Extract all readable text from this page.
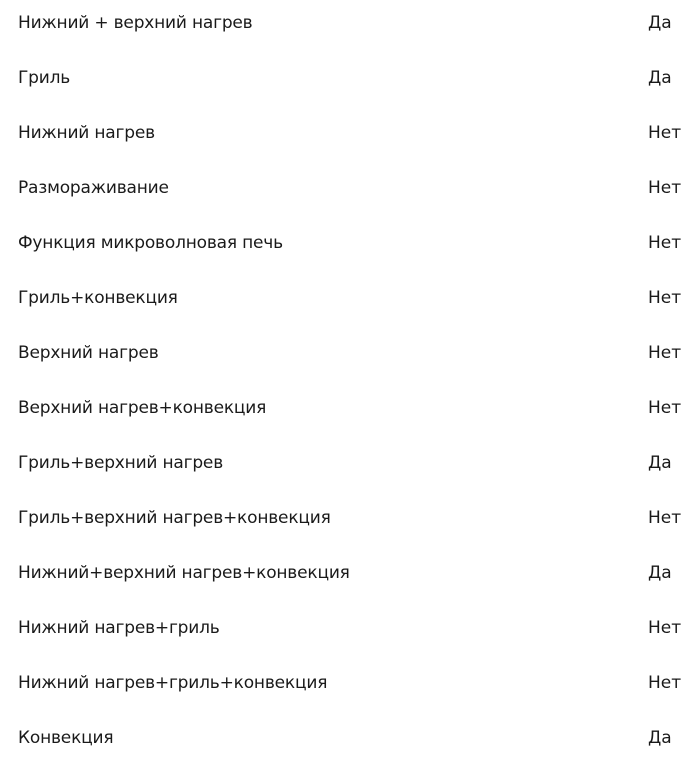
Нижний + верхний нагрев	Да
Гриль	Да
Нижний нагрев	Нет
Размораживание	Нет
Функция микроволновая печь	Нет
Гриль+конвекция	Нет
Верхний нагрев	Нет
Верхний нагрев+конвекция	Нет
Гриль+верхний нагрев	Да
Гриль+верхний нагрев+конвекция	Нет
Нижний+верхний нагрев+конвекция	Да
Нижний нагрев+гриль	Нет
Нижний нагрев+гриль+конвекция	Нет
Конвекция	Да
